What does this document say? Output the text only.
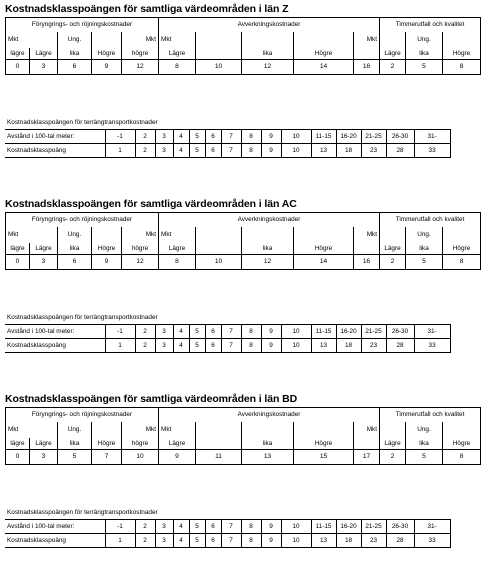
Kostnadsklasspoängen för samtliga värdeområden i län Z
Föryngrings- och röjningskostnader					Avverkningskostnader					Timmerutfall och kvalitet		
Mkt		Ung.		Mkt	Mkt				Mkt		Ung.	
lägre	Lägre	lika	Högre	högre	Lägre		lika	Högre		Lägre	lika	Högre
0	3	6	9	12	8	10	12	14	16	2	5	8
Kostnadsklasspoängen för terrängtransportkostnader															
Avstånd i 100-tal meter:	-1	2	3	4	5	6	7	8	9	10	11-15	16-20	21-25	26-30	31-
Kostnadsklasspoäng	1	2	3	4	5	6	7	8	9	10	13	18	23	28	33
Kostnadsklasspoängen för samtliga värdeområden i län AC
Föryngrings- och röjningskostnader					Avverkningskostnader					Timmerutfall och kvalitet		
Mkt		Ung.		Mkt	Mkt				Mkt		Ung.	
lägre	Lägre	lika	Högre	högre	Lägre		lika	Högre		Lägre	lika	Högre
0	3	6	9	12	8	10	12	14	16	2	5	8
Kostnadsklasspoängen för terrängtransportkostnader															
Avstånd i 100-tal meter:	-1	2	3	4	5	6	7	8	9	10	11-15	16-20	21-25	26-30	31-
Kostnadsklasspoäng	1	2	3	4	5	6	7	8	9	10	13	18	23	28	33
Kostnadsklasspoängen för samtliga värdeområden i län BD
Föryngrings- och röjningskostnader					Avverkningskostnader					Timmerutfall och kvalitet		
Mkt		Ung.		Mkt	Mkt				Mkt		Ung.	
lägre	Lägre	lika	Högre	högre	Lägre		lika	Högre		Lägre	lika	Högre
0	3	5	7	10	9	11	13	15	17	2	5	8
Kostnadsklasspoängen för terrängtransportkostnader															
Avstånd i 100-tal meter:	-1	2	3	4	5	6	7	8	9	10	11-15	16-20	21-25	26-30	31-
Kostnadsklasspoäng	1	2	3	4	5	6	7	8	9	10	13	18	23	28	33
